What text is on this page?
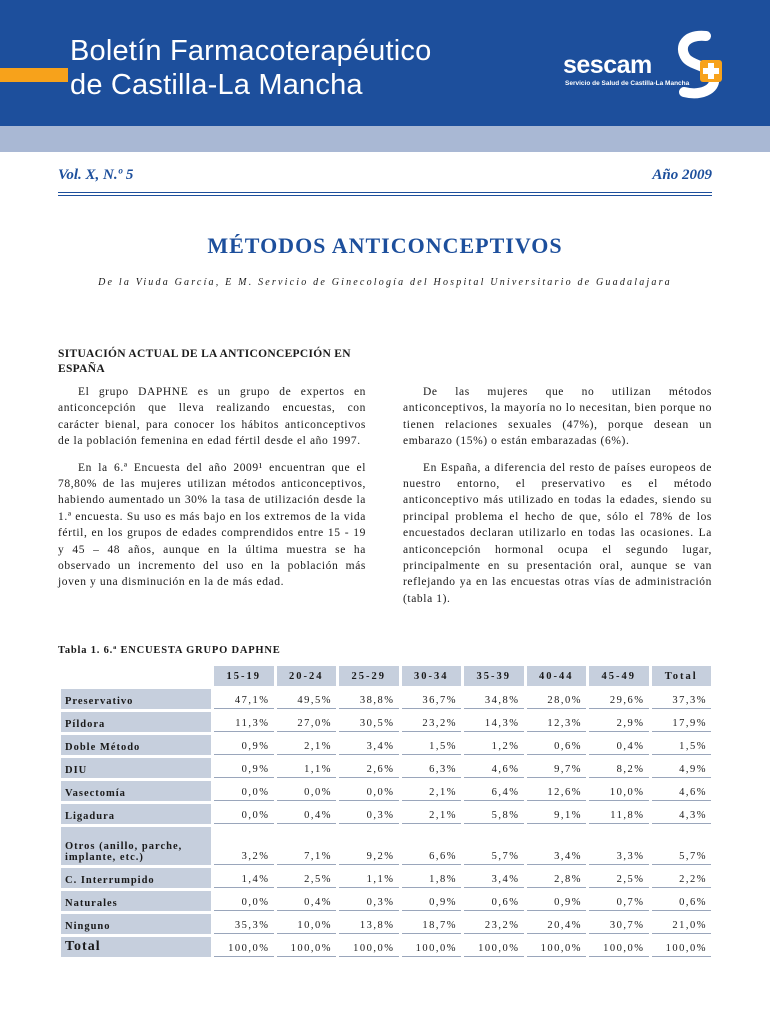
Boletín Farmacoterapéutico
de Castilla-La Mancha
sescam
Servicio de Salud de Castilla-La Mancha
Vol. X, N.º 5	Año 2009
MÉTODOS ANTICONCEPTIVOS
De la Viuda García, E M. Servicio de Ginecología del Hospital Universitario de Guadalajara
SITUACIÓN ACTUAL DE LA ANTICONCEPCIÓN EN ESPAÑA

El grupo DAPHNE es un grupo de expertos en anticoncepción que lleva realizando encuestas, con carácter bienal, para conocer los hábitos anticonceptivos de la población femenina en edad fértil desde el año 1997.

En la 6.ª Encuesta del año 2009¹ encuentran que el 78,80% de las mujeres utilizan métodos anticonceptivos, habiendo aumentado un 30% la tasa de utilización desde la 1.ª encuesta. Su uso es más bajo en los extremos de la vida fértil, en los grupos de edades comprendidos entre 15 - 19 y 45 – 48 años, aunque en la última muestra se ha observado un incremento del uso en la población más joven y una disminución en la de más edad.

De las mujeres que no utilizan métodos anticonceptivos, la mayoría no lo necesitan, bien porque no tienen relaciones sexuales (47%), porque desean un embarazo (15%) o están embarazadas (6%).

En España, a diferencia del resto de países europeos de nuestro entorno, el preservativo es el método anticonceptivo más utilizado en todas la edades, siendo su principal problema el hecho de que, sólo el 78% de los encuestados declaran utilizarlo en todas las ocasiones. La anticoncepción hormonal ocupa el segundo lugar, principalmente en su presentación oral, aunque se van reflejando ya en las encuestas otras vías de administración (tabla 1).

Tabla 1. 6.ª ENCUESTA GRUPO DAPHNE
	15-19	20-24	25-29	30-34	35-39	40-44	45-49	Total
Preservativo	47,1%	49,5%	38,8%	36,7%	34,8%	28,0%	29,6%	37,3%
Píldora	11,3%	27,0%	30,5%	23,2%	14,3%	12,3%	2,9%	17,9%
Doble Método	0,9%	2,1%	3,4%	1,5%	1,2%	0,6%	0,4%	1,5%
DIU	0,9%	1,1%	2,6%	6,3%	4,6%	9,7%	8,2%	4,9%
Vasectomía	0,0%	0,0%	0,0%	2,1%	6,4%	12,6%	10,0%	4,6%
Ligadura	0,0%	0,4%	0,3%	2,1%	5,8%	9,1%	11,8%	4,3%
Otros (anillo, parche, implante, etc.)	3,2%	7,1%	9,2%	6,6%	5,7%	3,4%	3,3%	5,7%
C. Interrumpido	1,4%	2,5%	1,1%	1,8%	3,4%	2,8%	2,5%	2,2%
Naturales	0,0%	0,4%	0,3%	0,9%	0,6%	0,9%	0,7%	0,6%
Ninguno	35,3%	10,0%	13,8%	18,7%	23,2%	20,4%	30,7%	21,0%
Total	100,0%	100,0%	100,0%	100,0%	100,0%	100,0%	100,0%	100,0%
